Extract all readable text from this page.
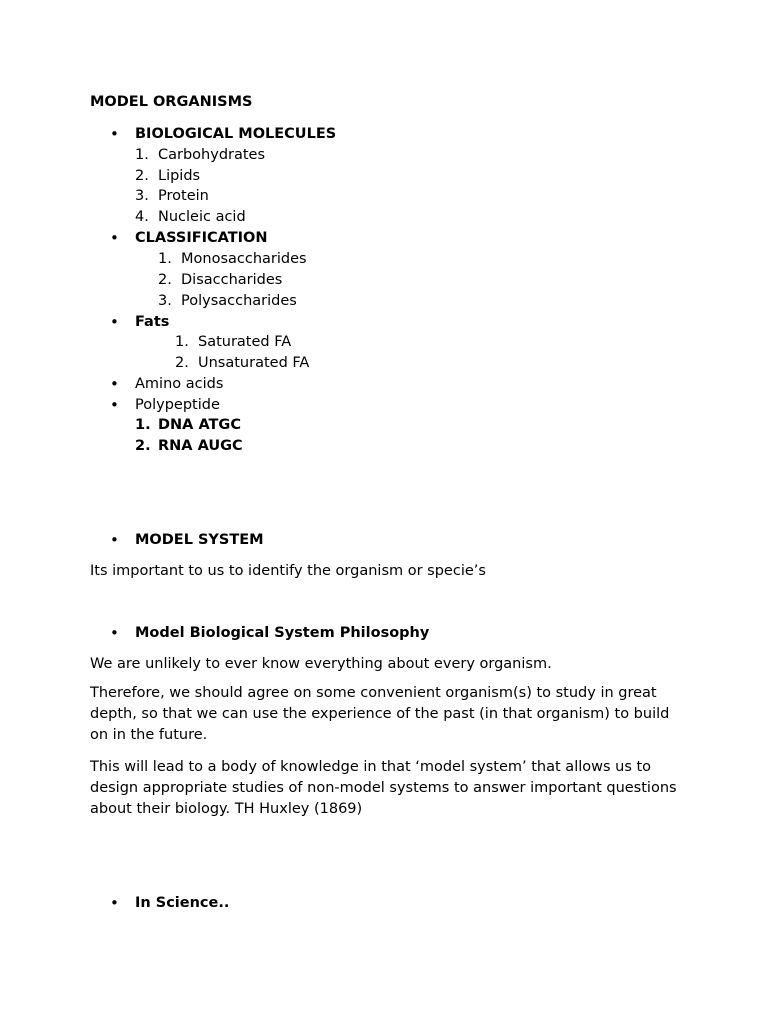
MODEL ORGANISMS
• BIOLOGICAL MOLECULES
1. Carbohydrates
2. Lipids
3. Protein
4. Nucleic acid
• CLASSIFICATION
1. Monosaccharides
2. Disaccharides
3. Polysaccharides
• Fats
1. Saturated FA
2. Unsaturated FA
• Amino acids
• Polypeptide
1. DNA ATGC
2. RNA AUGC
• MODEL SYSTEM
Its important to us to identify the organism or specie’s
• Model Biological System Philosophy
We are unlikely to ever know everything about every organism.
Therefore, we should agree on some convenient organism(s) to study in great depth, so that we can use the experience of the past (in that organism) to build on in the future.
This will lead to a body of knowledge in that ‘model system’ that allows us to design appropriate studies of non-model systems to answer important questions about their biology. TH Huxley (1869)
• In Science..
